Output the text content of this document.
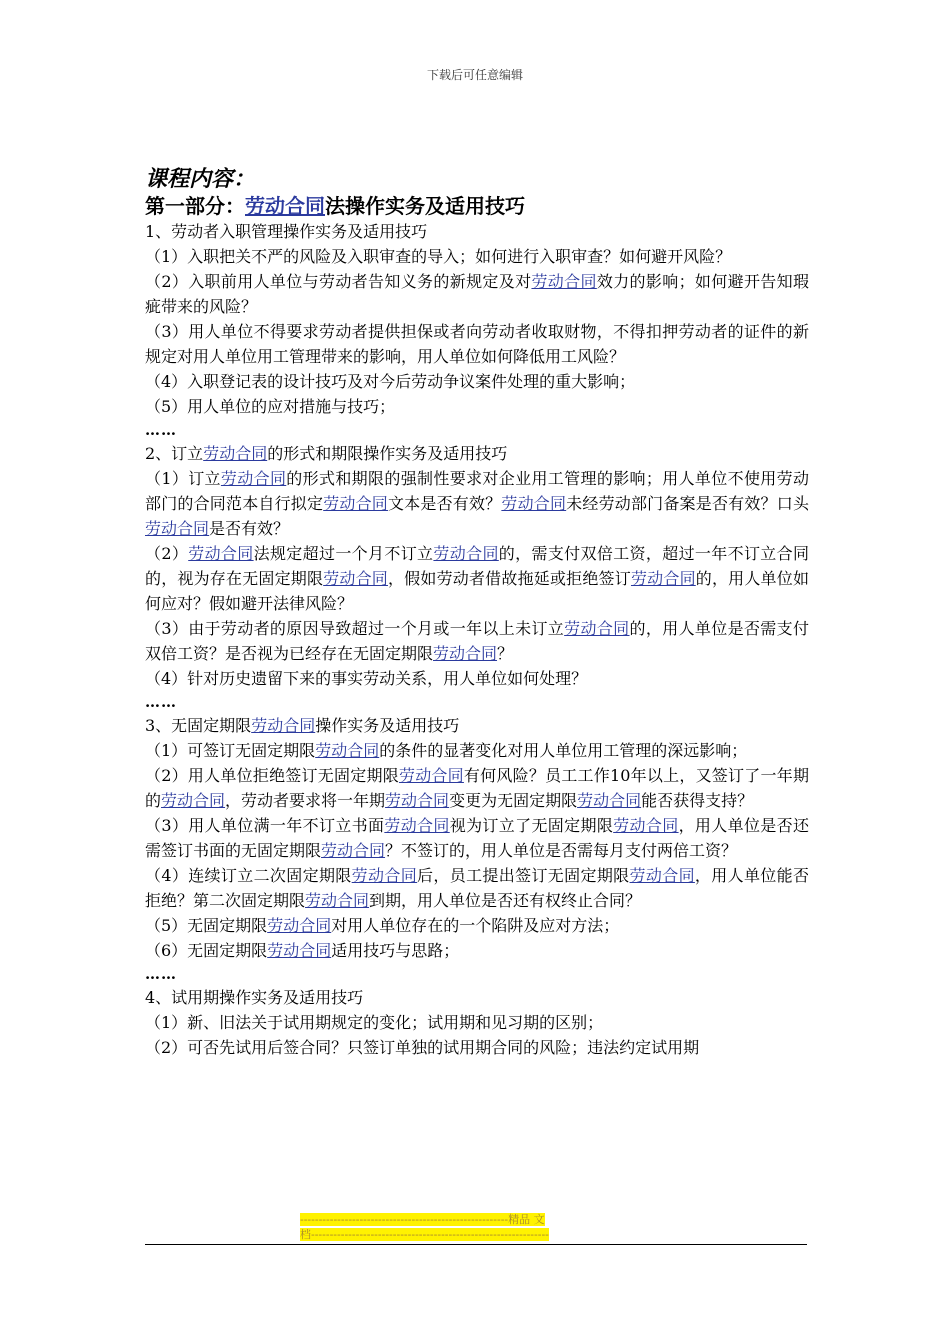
下载后可任意编辑
课程内容：
第一部分：劳动合同法操作实务及适用技巧
1、劳动者入职管理操作实务及适用技巧
（1）入职把关不严的风险及入职审查的导入；如何进行入职审查？如何避开风险？
（2）入职前用人单位与劳动者告知义务的新规定及对劳动合同效力的影响；如何避开告知瑕疵带来的风险？
（3）用人单位不得要求劳动者提供担保或者向劳动者收取财物，不得扣押劳动者的证件的新规定对用人单位用工管理带来的影响，用人单位如何降低用工风险？
（4）入职登记表的设计技巧及对今后劳动争议案件处理的重大影响；
（5）用人单位的应对措施与技巧；
……
2、订立劳动合同的形式和期限操作实务及适用技巧
（1）订立劳动合同的形式和期限的强制性要求对企业用工管理的影响；用人单位不使用劳动部门的合同范本自行拟定劳动合同文本是否有效？劳动合同未经劳动部门备案是否有效？口头劳动合同是否有效？
（2）劳动合同法规定超过一个月不订立劳动合同的，需支付双倍工资，超过一年不订立合同的，视为存在无固定期限劳动合同，假如劳动者借故拖延或拒绝签订劳动合同的，用人单位如何应对？假如避开法律风险？
（3）由于劳动者的原因导致超过一个月或一年以上未订立劳动合同的，用人单位是否需支付双倍工资？是否视为已经存在无固定期限劳动合同？
（4）针对历史遗留下来的事实劳动关系，用人单位如何处理？
……
3、无固定期限劳动合同操作实务及适用技巧
（1）可签订无固定期限劳动合同的条件的显著变化对用人单位用工管理的深远影响；
（2）用人单位拒绝签订无固定期限劳动合同有何风险？员工工作10年以上，又签订了一年期的劳动合同，劳动者要求将一年期劳动合同变更为无固定期限劳动合同能否获得支持？
（3）用人单位满一年不订立书面劳动合同视为订立了无固定期限劳动合同，用人单位是否还需签订书面的无固定期限劳动合同？不签订的，用人单位是否需每月支付两倍工资？
（4）连续订立二次固定期限劳动合同后，员工提出签订无固定期限劳动合同，用人单位能否拒绝？第二次固定期限劳动合同到期，用人单位是否还有权终止合同？
（5）无固定期限劳动合同对用人单位存在的一个陷阱及应对方法；
（6）无固定期限劳动合同适用技巧与思路；
……
4、试用期操作实务及适用技巧
（1）新、旧法关于试用期规定的变化；试用期和见习期的区别；
（2）可否先试用后签合同？只签订单独的试用期合同的风险；违法约定试用期
--------------------------------------------------------精品 文
档----------------------------------------------------------------
